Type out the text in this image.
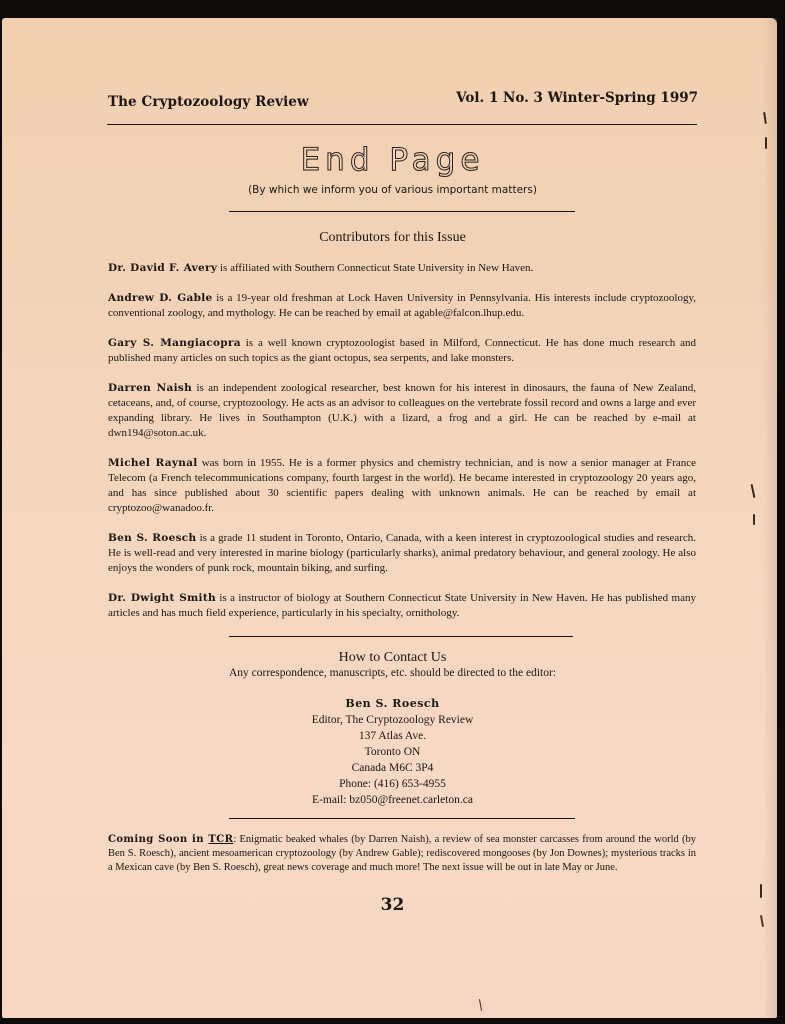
The Cryptozoology Review	Vol. 1 No. 3 Winter-Spring 1997
End Page
(By which we inform you of various important matters)
Contributors for this Issue

Dr. David F. Avery is affiliated with Southern Connecticut State University in New Haven.

Andrew D. Gable is a 19-year old freshman at Lock Haven University in Pennsylvania. His interests include cryptozoology, conventional zoology, and mythology. He can be reached by email at agable@falcon.lhup.edu.

Gary S. Mangiacopra is a well known cryptozoologist based in Milford, Connecticut. He has done much research and published many articles on such topics as the giant octopus, sea serpents, and lake monsters.

Darren Naish is an independent zoological researcher, best known for his interest in dinosaurs, the fauna of New Zealand, cetaceans, and, of course, cryptozoology. He acts as an advisor to colleagues on the vertebrate fossil record and owns a large and ever expanding library. He lives in Southampton (U.K.) with a lizard, a frog and a girl. He can be reached by e-mail at dwn194@soton.ac.uk.

Michel Raynal was born in 1955. He is a former physics and chemistry technician, and is now a senior manager at France Telecom (a French telecommunications company, fourth largest in the world). He became interested in cryptozoology 20 years ago, and has since published about 30 scientific papers dealing with unknown animals. He can be reached by email at cryptozoo@wanadoo.fr.

Ben S. Roesch is a grade 11 student in Toronto, Ontario, Canada, with a keen interest in cryptozoological studies and research. He is well-read and very interested in marine biology (particularly sharks), animal predatory behaviour, and general zoology. He also enjoys the wonders of punk rock, mountain biking, and surfing.

Dr. Dwight Smith is a instructor of biology at Southern Connecticut State University in New Haven. He has published many articles and has much field experience, particularly in his specialty, ornithology.

How to Contact Us
Any correspondence, manuscripts, etc. should be directed to the editor:
Ben S. Roesch
Editor, The Cryptozoology Review
137 Atlas Ave.
Toronto ON
Canada M6C 3P4
Phone: (416) 653-4955
E-mail: bz050@freenet.carleton.ca

Coming Soon in TCR: Enigmatic beaked whales (by Darren Naish), a review of sea monster carcasses from around the world (by Ben S. Roesch), ancient mesoamerican cryptozoology (by Andrew Gable); rediscovered mongooses (by Jon Downes); mysterious tracks in a Mexican cave (by Ben S. Roesch), great news coverage and much more! The next issue will be out in late May or June.

32
